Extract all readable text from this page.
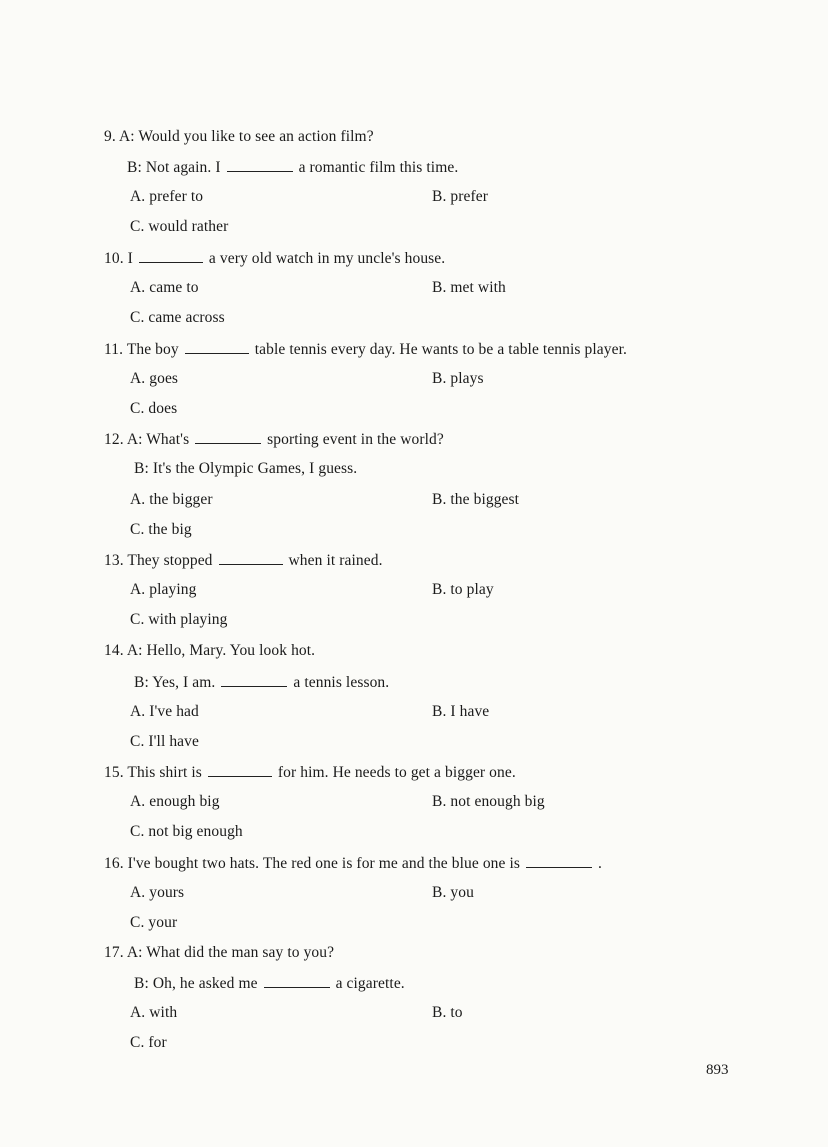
9. A: Would you like to see an action film?
B: Not again. I	a romantic film this time.
A. prefer to	B. prefer
C. would rather
10. I	a very old watch in my uncle's house.
A. came to	B. met with
C. came across
11. The boy	table tennis every day. He wants to be a table tennis player.
A. goes	B. plays
C. does
12. A: What's	sporting event in the world?
B: It's the Olympic Games, I guess.
A. the bigger	B. the biggest
C. the big
13. They stopped	when it rained.
A. playing	B. to play
C. with playing
14. A: Hello, Mary. You look hot.
B: Yes, I am.	a tennis lesson.
A. I've had	B. I have
C. I'll have
15. This shirt is	for him. He needs to get a bigger one.
A. enough big	B. not enough big
C. not big enough
16. I've bought two hats. The red one is for me and the blue one is	.
A. yours	B. you
C. your
17. A: What did the man say to you?
B: Oh, he asked me	a cigarette.
A. with	B. to
C. for
893
